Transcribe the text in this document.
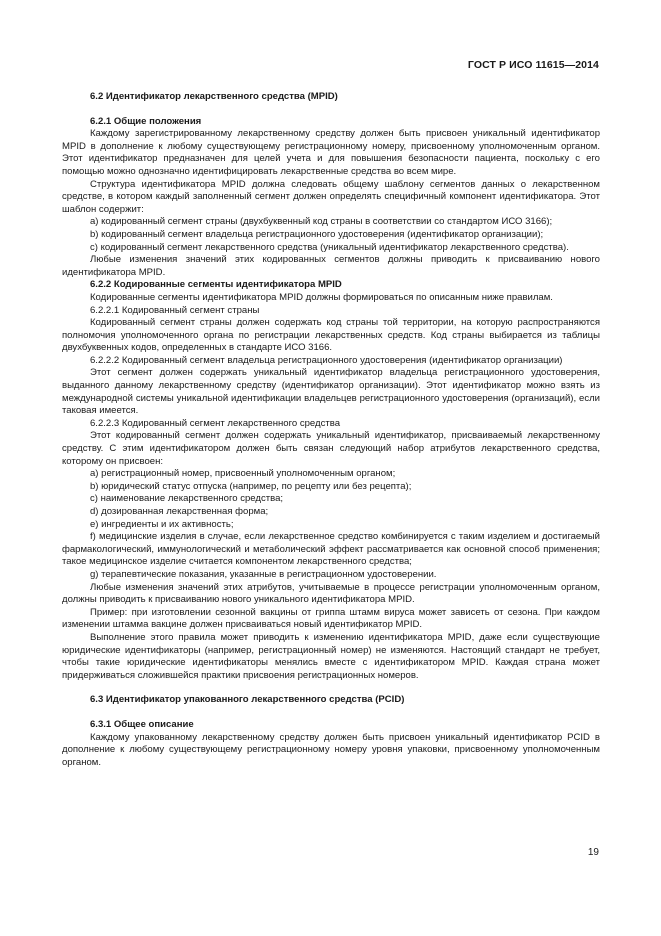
ГОСТ Р ИСО 11615—2014

6.2 Идентификатор лекарственного средства (MPID)

6.2.1 Общие положения

Каждому зарегистрированному лекарственному средству должен быть присвоен уникальный идентификатор MPID в дополнение к любому существующему регистрационному номеру, присвоенному уполномоченным органом. Этот идентификатор предназначен для целей учета и для повышения безопасности пациента, поскольку с его помощью можно однозначно идентифицировать лекарственные средства во всем мире.

Структура идентификатора MPID должна следовать общему шаблону сегментов данных о лекарственном средстве, в котором каждый заполненный сегмент должен определять специфичный компонент идентификатора. Этот шаблон содержит:

а) кодированный сегмент страны (двухбуквенный код страны в соответствии со стандартом ИСО 3166);

b) кодированный сегмент владельца регистрационного удостоверения (идентификатор организации);

с) кодированный сегмент лекарственного средства (уникальный идентификатор лекарственного средства).

Любые изменения значений этих кодированных сегментов должны приводить к присваиванию нового идентификатора MPID.

6.2.2 Кодированные сегменты идентификатора MPID

Кодированные сегменты идентификатора MPID должны формироваться по описанным ниже правилам.

6.2.2.1 Кодированный сегмент страны

Кодированный сегмент страны должен содержать код страны той территории, на которую распространяются полномочия уполномоченного органа по регистрации лекарственных средств. Код страны выбирается из таблицы двухбуквенных кодов, определенных в стандарте ИСО 3166.

6.2.2.2 Кодированный сегмент владельца регистрационного удостоверения (идентификатор организации)

Этот сегмент должен содержать уникальный идентификатор владельца регистрационного удостоверения, выданного данному лекарственному средству (идентификатор организации). Этот идентификатор можно взять из международной системы уникальной идентификации владельцев регистрационного удостоверения (организаций), если таковая имеется.

6.2.2.3 Кодированный сегмент лекарственного средства

Этот кодированный сегмент должен содержать уникальный идентификатор, присваиваемый лекарственному средству. С этим идентификатором должен быть связан следующий набор атрибутов лекарственного средства, которому он присвоен:

а) регистрационный номер, присвоенный уполномоченным органом;

b) юридический статус отпуска (например, по рецепту или без рецепта);

с) наименование лекарственного средства;

d) дозированная лекарственная форма;

е) ингредиенты и их активность;

f) медицинские изделия в случае, если лекарственное средство комбинируется с таким изделием и достигаемый фармакологический, иммунологический и метаболический эффект рассматривается как основной способ применения; такое медицинское изделие считается компонентом лекарственного средства;

g) терапевтические показания, указанные в регистрационном удостоверении.

Любые изменения значений этих атрибутов, учитываемые в процессе регистрации уполномоченным органом, должны приводить к присваиванию нового уникального идентификатора MPID.

Пример: при изготовлении сезонной вакцины от гриппа штамм вируса может зависеть от сезона. При каждом изменении штамма вакцине должен присваиваться новый идентификатор MPID.

Выполнение этого правила может приводить к изменению идентификатора MPID, даже если существующие юридические идентификаторы (например, регистрационный номер) не изменяются. Настоящий стандарт не требует, чтобы такие юридические идентификаторы менялись вместе с идентификатором MPID. Каждая страна может придерживаться сложившейся практики присвоения регистрационных номеров.

6.3 Идентификатор упакованного лекарственного средства (PCID)

6.3.1 Общее описание

Каждому упакованному лекарственному средству должен быть присвоен уникальный идентификатор PCID в дополнение к любому существующему регистрационному номеру уровня упаковки, присвоенному уполномоченным органом.

19
